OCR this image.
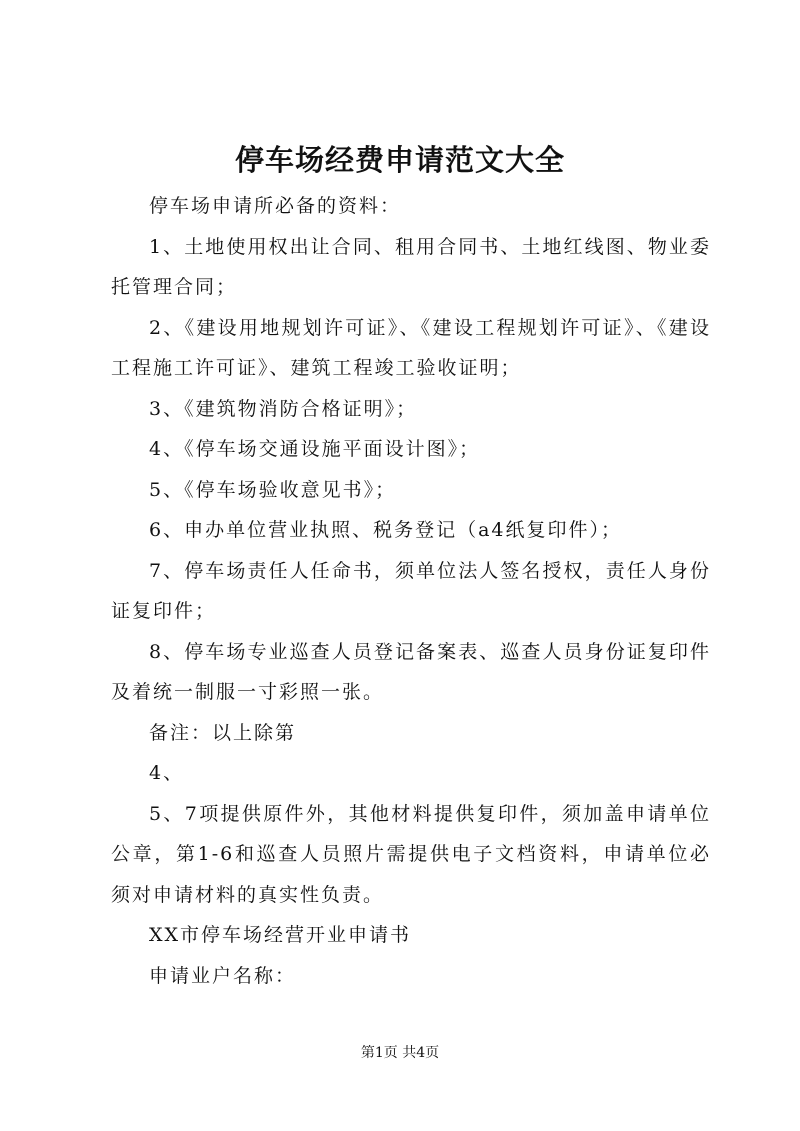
停车场经费申请范文大全

停车场申请所必备的资料：

1、土地使用权出让合同、租用合同书、土地红线图、物业委托管理合同；

2、《建设用地规划许可证》、《建设工程规划许可证》、《建设工程施工许可证》、建筑工程竣工验收证明；

3、《建筑物消防合格证明》；

4、《停车场交通设施平面设计图》；

5、《停车场验收意见书》；

6、申办单位营业执照、税务登记（a4纸复印件）；

7、停车场责任人任命书，须单位法人签名授权，责任人身份证复印件；

8、停车场专业巡查人员登记备案表、巡查人员身份证复印件及着统一制服一寸彩照一张。

备注：以上除第

4、

5、7项提供原件外，其他材料提供复印件，须加盖申请单位公章，第1-6和巡查人员照片需提供电子文档资料，申请单位必须对申请材料的真实性负责。

XX市停车场经营开业申请书

申请业户名称：

第1页 共4页
